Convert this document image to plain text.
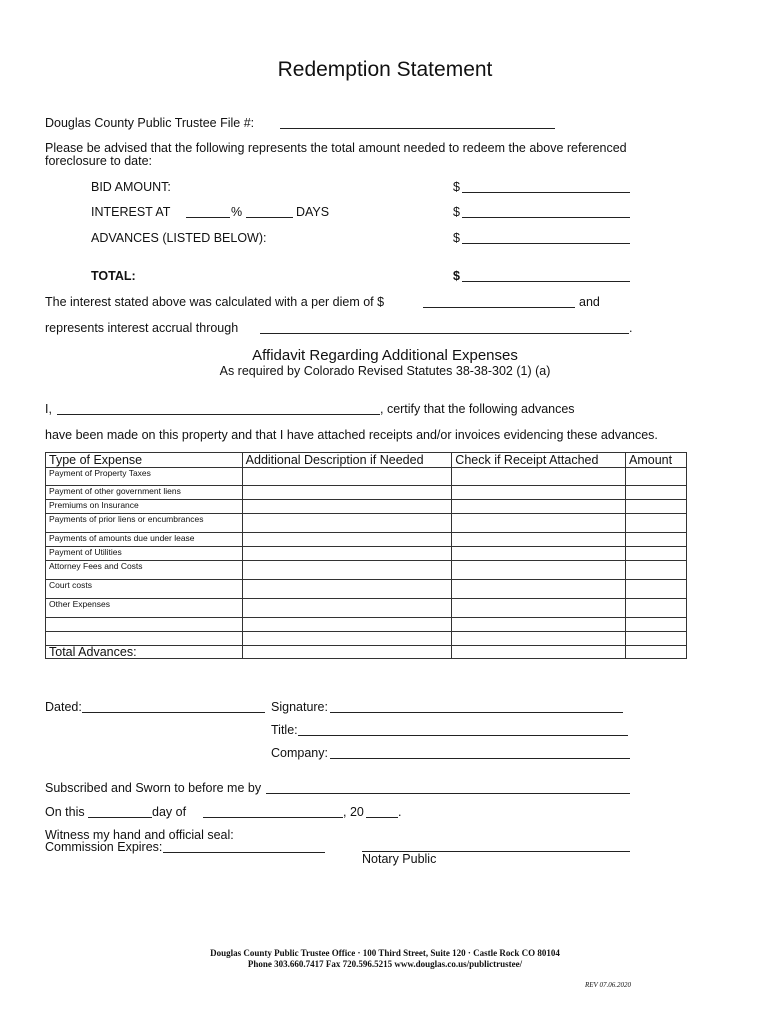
Redemption Statement
Douglas County Public Trustee File #:
Please be advised that the following represents the total amount needed to redeem the above referenced
foreclosure to date:
BID AMOUNT:	$
INTEREST AT	%	DAYS	$
ADVANCES (LISTED BELOW):	$
TOTAL:	$
The interest stated above was calculated with a per diem of $	and
represents interest accrual through	.
Affidavit Regarding Additional Expenses
As required by Colorado Revised Statutes 38-38-302 (1) (a)
I,	, certify that the following advances
have been made on this property and that I have attached receipts and/or invoices evidencing these advances.
Type of Expense	Additional Description if Needed	Check if Receipt Attached	Amount
Payment of Property Taxes			
Payment of other government liens			
Premiums on Insurance			
Payments of prior liens or encumbrances			
Payments of amounts due under lease			
Payment of Utilities			
Attorney Fees and Costs			
Court costs			
Other Expenses			

Total Advances:			
Dated:	Signature:
Title:
Company:
Subscribed and Sworn to before me by
On this	day of	, 20	.
Witness my hand and official seal:
Commission Expires:
Notary Public
Douglas County Public Trustee Office · 100 Third Street, Suite 120 · Castle Rock CO 80104
Phone 303.660.7417 Fax 720.596.5215 www.douglas.co.us/publictrustee/
REV 07.06.2020
